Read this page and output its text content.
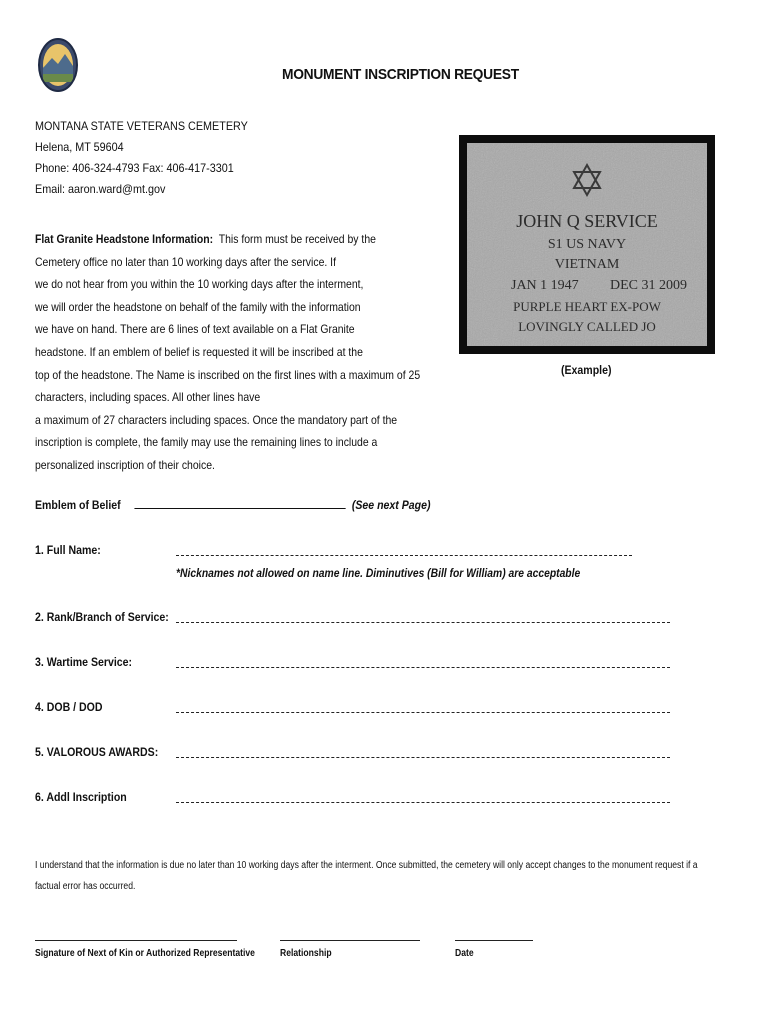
MONUMENT INSCRIPTION REQUEST
MONTANA STATE VETERANS CEMETERY
Helena, MT 59604
Phone: 406-324-4793 Fax: 406-417-3301
Email: aaron.ward@mt.gov
Flat Granite Headstone Information: This form must be received by the
Cemetery office no later than 10 working days after the service. If
we do not hear from you within the 10 working days after the interment,
we will order the headstone on behalf of the family with the information
we have on hand. There are 6 lines of text available on a Flat Granite
headstone. If an emblem of belief is requested it will be inscribed at the
top of the headstone. The Name is inscribed on the first lines with a maximum of 25
characters, including spaces. All other lines have
a maximum of 27 characters including spaces. Once the mandatory part of the
inscription is complete, the family may use the remaining lines to include a
personalized inscription of their choice.
JOHN Q SERVICE
S1 US NAVY
VIETNAM
JAN 1 1947 DEC 31 2009
PURPLE HEART EX-POW
LOVINGLY CALLED JO
(Example)
Emblem of Belief	(See next Page)
1. Full Name:
*Nicknames not allowed on name line. Diminutives (Bill for William) are acceptable
2. Rank/Branch of Service:
3. Wartime Service:
4. DOB / DOD
5. VALOROUS AWARDS:
6. Addl Inscription
I understand that the information is due no later than 10 working days after the interment. Once submitted, the cemetery will only accept changes to the monument request if a factual error has occurred.
Signature of Next of Kin or Authorized Representative	Relationship	Date
